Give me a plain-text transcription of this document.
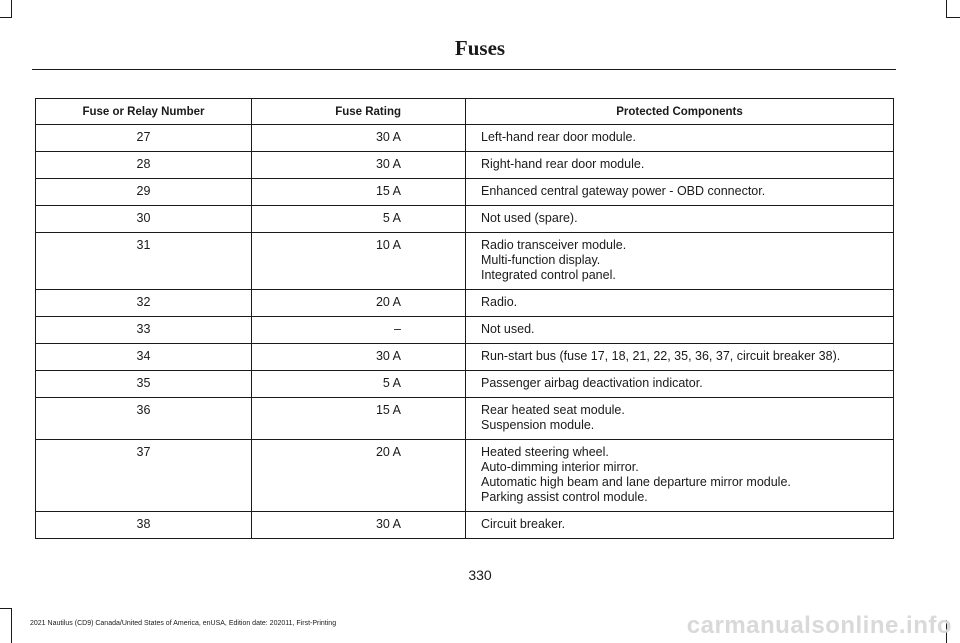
Fuses
Fuse or Relay Number	Fuse Rating	Protected Components
27	30 A	Left-hand rear door module.

28	30 A	Right-hand rear door module.

29	15 A	Enhanced central gateway power - OBD connector.

30	5 A	Not used (spare).

31	10 A	Radio transceiver module.
Multi-function display.
Integrated control panel.

32	20 A	Radio.

33	–	Not used.

34	30 A	Run-start bus (fuse 17, 18, 21, 22, 35, 36, 37, circuit breaker 38).

35	5 A	Passenger airbag deactivation indicator.

36	15 A	Rear heated seat module.
Suspension module.

37	20 A	Heated steering wheel.
Auto-dimming interior mirror.
Automatic high beam and lane departure mirror module.
Parking assist control module.

38	30 A	Circuit breaker.
330
2021 Nautilus (CD9) Canada/United States of America, enUSA, Edition date: 202011, First-Printing	carmanualsonline.info
